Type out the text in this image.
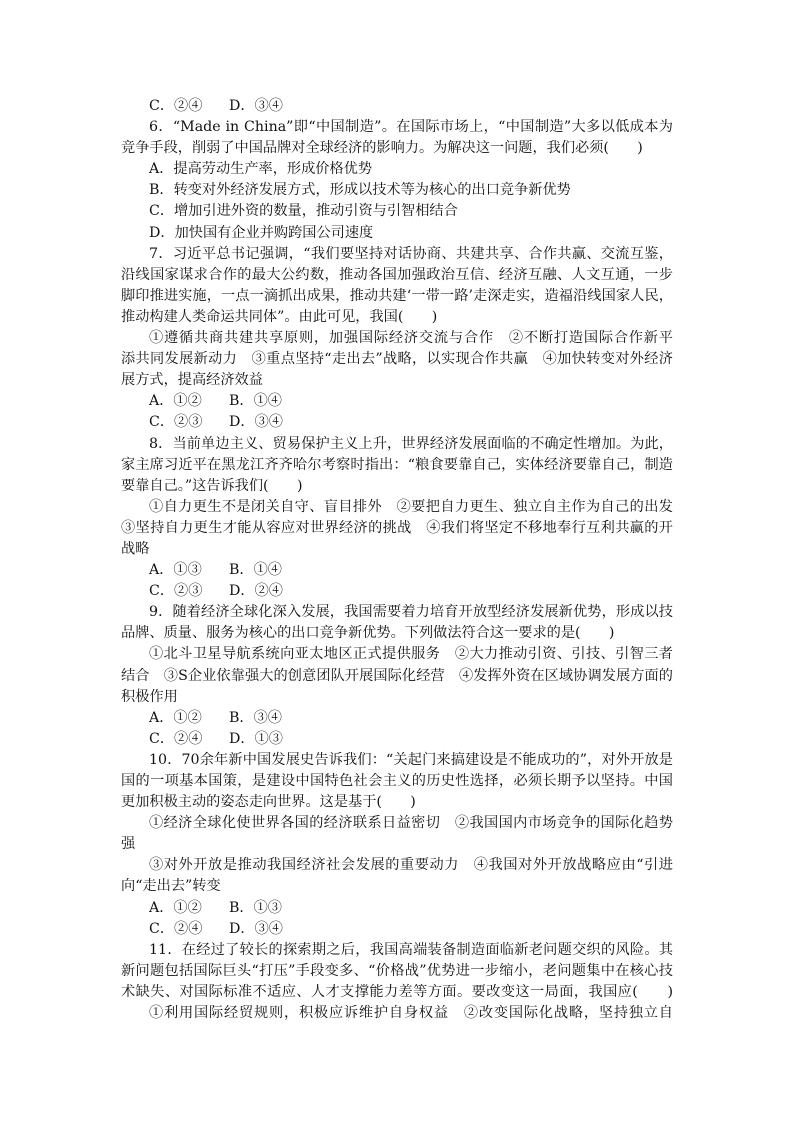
C．②④ D．③④
6．“Made in China”即“中国制造”。在国际市场上，“中国制造”大多以低成本为
竞争手段，削弱了中国品牌对全球经济的影响力。为解决这一问题，我们必须(　　)
A．提高劳动生产率，形成价格优势
B．转变对外经济发展方式，形成以技术等为核心的出口竞争新优势
C．增加引进外资的数量，推动引资与引智相结合
D．加快国有企业并购跨国公司速度
7．习近平总书记强调，“我们要坚持对话协商、共建共享、合作共赢、交流互鉴，
沿线国家谋求合作的最大公约数，推动各国加强政治互信、经济互融、人文互通，一步
脚印推进实施，一点一滴抓出成果，推动共建‘一带一路’走深走实，造福沿线国家人民，
推动构建人类命运共同体”。由此可见，我国(　　)
①遵循共商共建共享原则，加强国际经济交流与合作　②不断打造国际合作新平
添共同发展新动力　③重点坚持“走出去”战略，以实现合作共赢　④加快转变对外经济
展方式，提高经济效益
A．①② B．①④
C．②③ D．③④
8．当前单边主义、贸易保护主义上升，世界经济发展面临的不确定性增加。为此，
家主席习近平在黑龙江齐齐哈尔考察时指出：“粮食要靠自己，实体经济要靠自己，制造
要靠自己。”这告诉我们(　　)
①自力更生不是闭关自守、盲目排外　②要把自力更生、独立自主作为自己的出发
③坚持自力更生才能从容应对世界经济的挑战　④我们将坚定不移地奉行互利共赢的开
战略
A．①③ B．①④
C．②③ D．②④
9．随着经济全球化深入发展，我国需要着力培育开放型经济发展新优势，形成以技
品牌、质量、服务为核心的出口竞争新优势。下列做法符合这一要求的是(　　)
①北斗卫星导航系统向亚太地区正式提供服务　②大力推动引资、引技、引智三者
结合　③S企业依靠强大的创意团队开展国际化经营　④发挥外资在区域协调发展方面的
积极作用
A．①② B．③④
C．②④ D．①③
10．70余年新中国发展史告诉我们：“关起门来搞建设是不能成功的”，对外开放是
国的一项基本国策，是建设中国特色社会主义的历史性选择，必须长期予以坚持。中国
更加积极主动的姿态走向世界。这是基于(　　)
①经济全球化使世界各国的经济联系日益密切　②我国国内市场竞争的国际化趋势
强
③对外开放是推动我国经济社会发展的重要动力　④我国对外开放战略应由“引进
向“走出去”转变
A．①② B．①③
C．②④ D．③④
11．在经过了较长的探索期之后，我国高端装备制造面临新老问题交织的风险。其
新问题包括国际巨头“打压”手段变多、“价格战”优势进一步缩小，老问题集中在核心技
术缺失、对国际标准不适应、人才支撑能力差等方面。要改变这一局面，我国应(　　)
①利用国际经贸规则，积极应诉维护自身权益　②改变国际化战略，坚持独立自
